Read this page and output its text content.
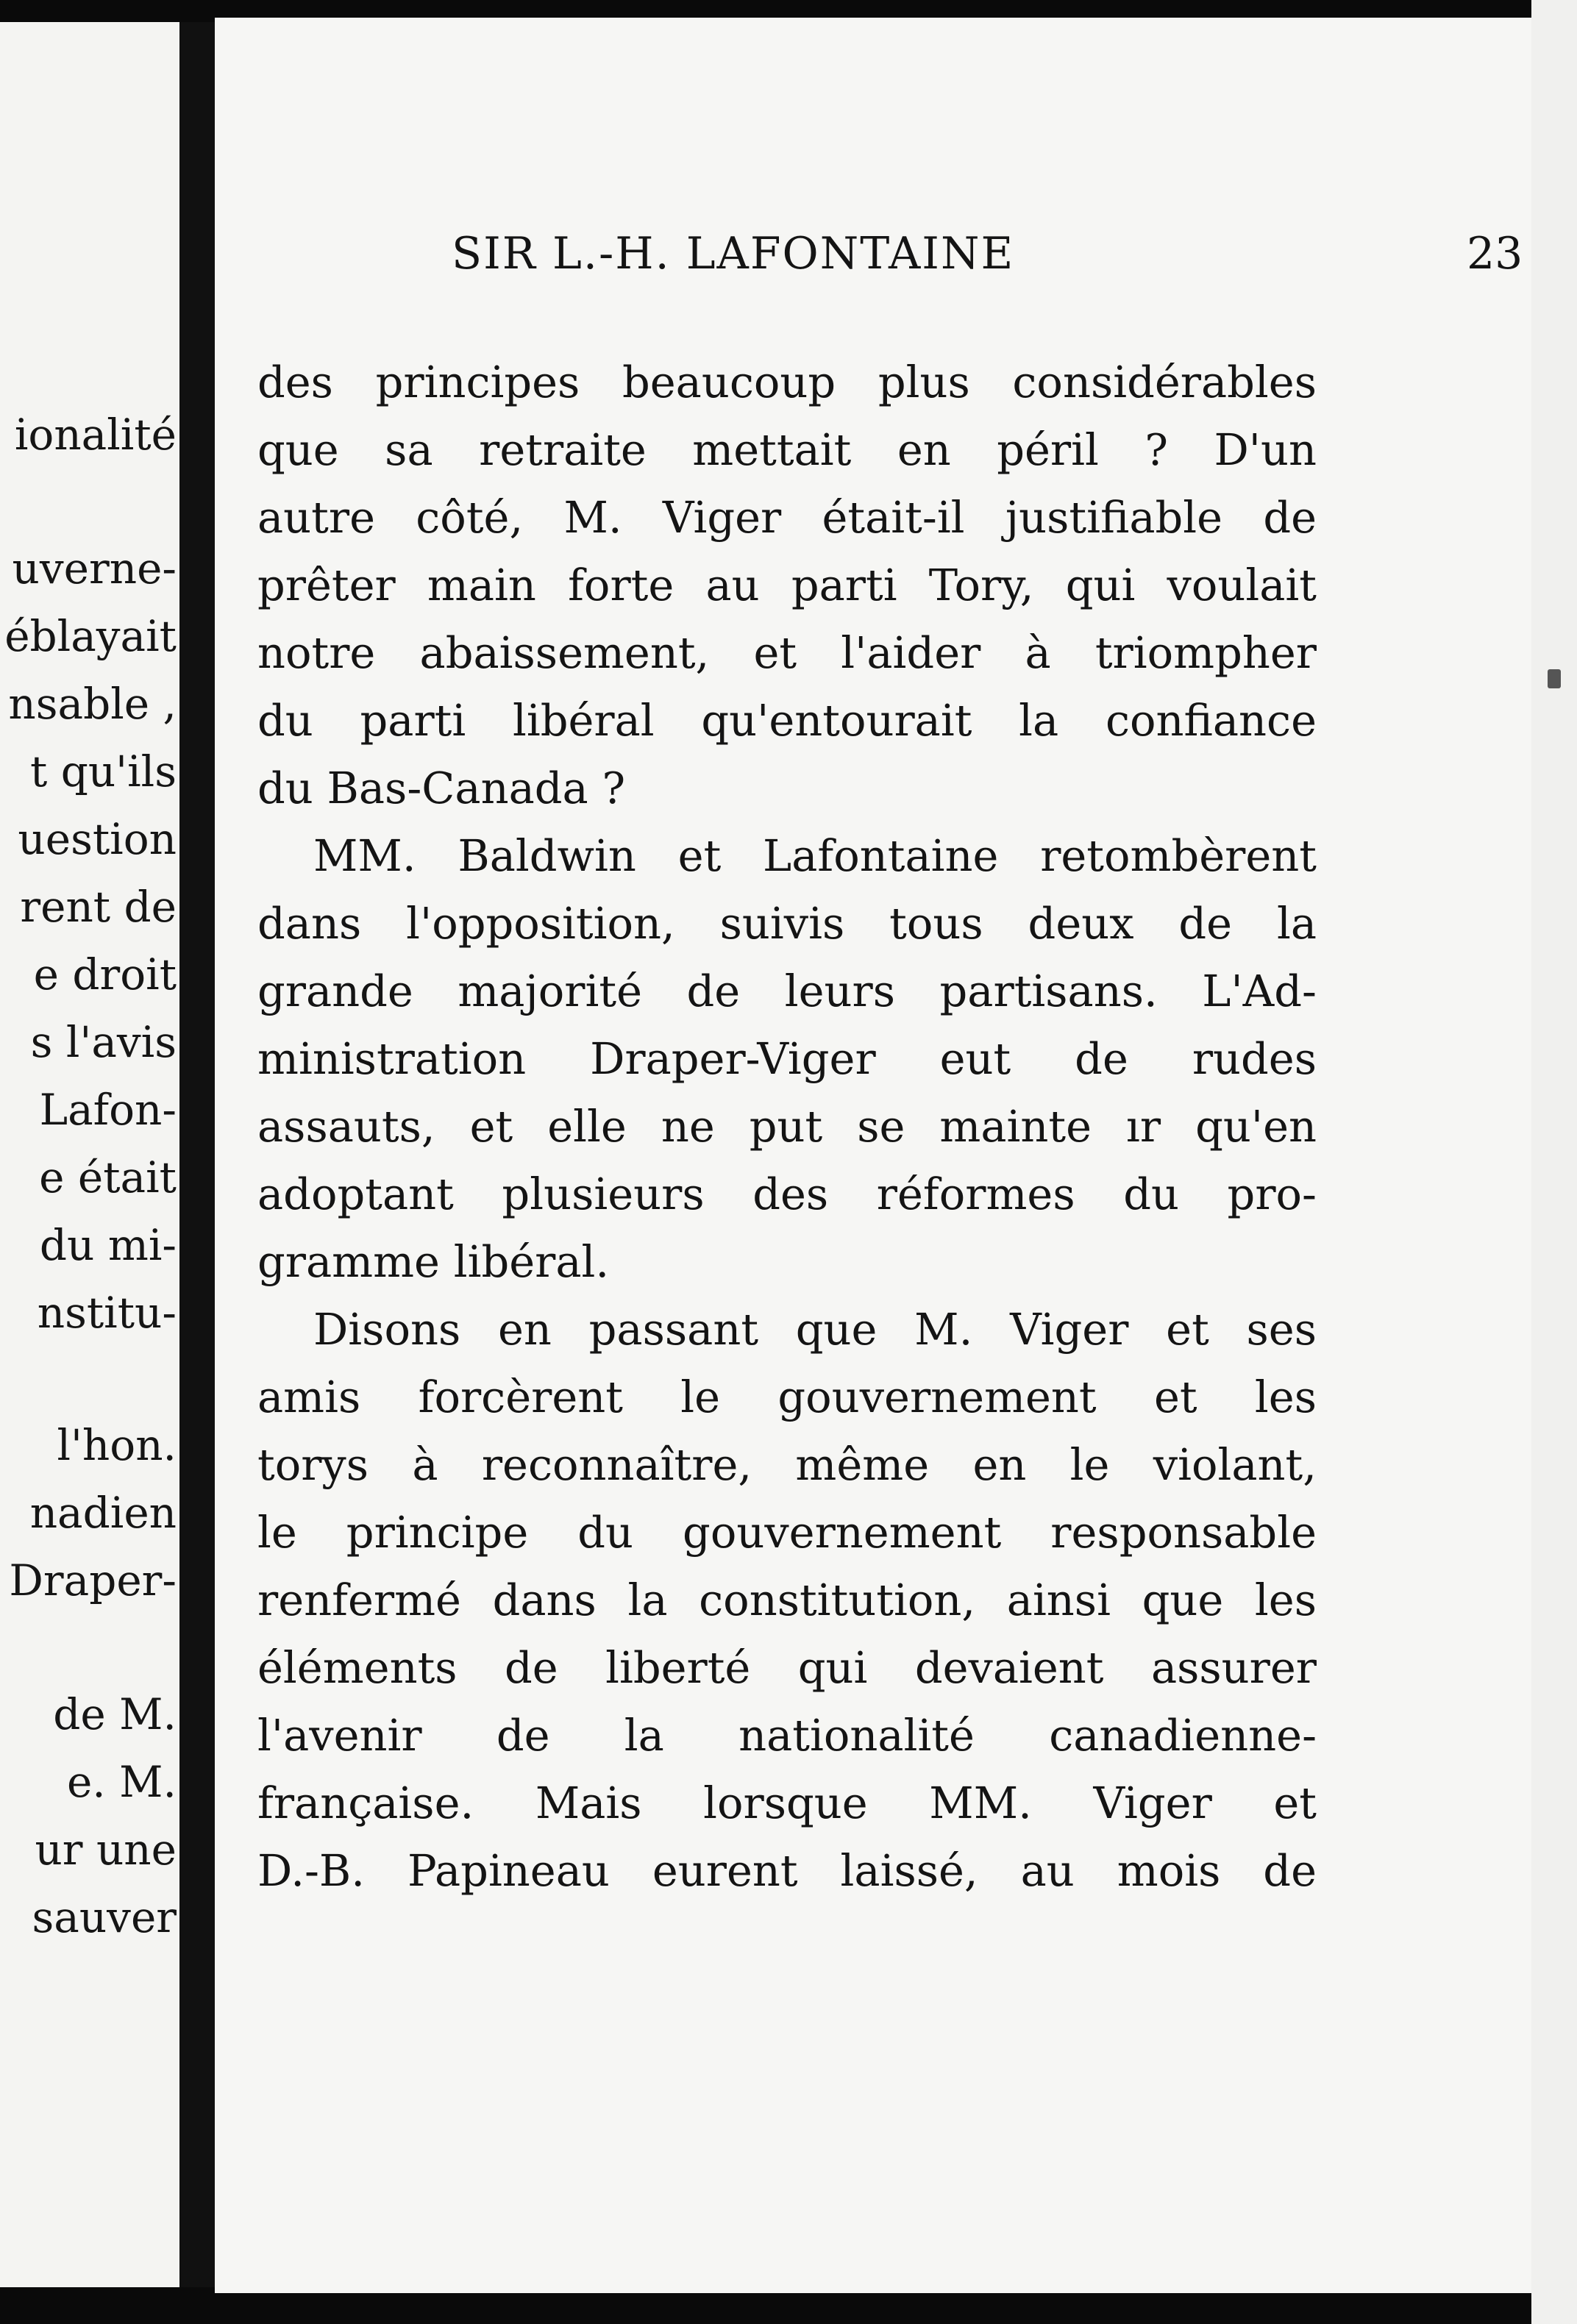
ionalité
uverne-
éblayait
nsable ,
t qu'ils
uestion
rent de
e droit
s l'avis
Lafon-
e était
du mi-
nstitu-
l'hon.
nadien
Draper-
de M.
e. M.
ur une
sauver
SIR L.-H. LAFONTAINE	23
des principes beaucoup plus considérables
que sa retraite mettait en péril ? D'un
autre côté, M. Viger était-il justifiable de
prêter main forte au parti Tory, qui voulait
notre abaissement, et l'aider à triompher
du parti libéral qu'entourait la confiance
du Bas-Canada ?
MM. Baldwin et Lafontaine retombèrent
dans l'opposition, suivis tous deux de la
grande majorité de leurs partisans. L'Ad-
ministration Draper-Viger eut de rudes
assauts, et elle ne put se mainte ır qu'en
adoptant plusieurs des réformes du pro-
gramme libéral.
Disons en passant que M. Viger et ses
amis forcèrent le gouvernement et les
torys à reconnaître, même en le violant,
le principe du gouvernement responsable
renfermé dans la constitution, ainsi que les
éléments de liberté qui devaient assurer
l'avenir de la nationalité canadienne-
française. Mais lorsque MM. Viger et
D.-B. Papineau eurent laissé, au mois de
